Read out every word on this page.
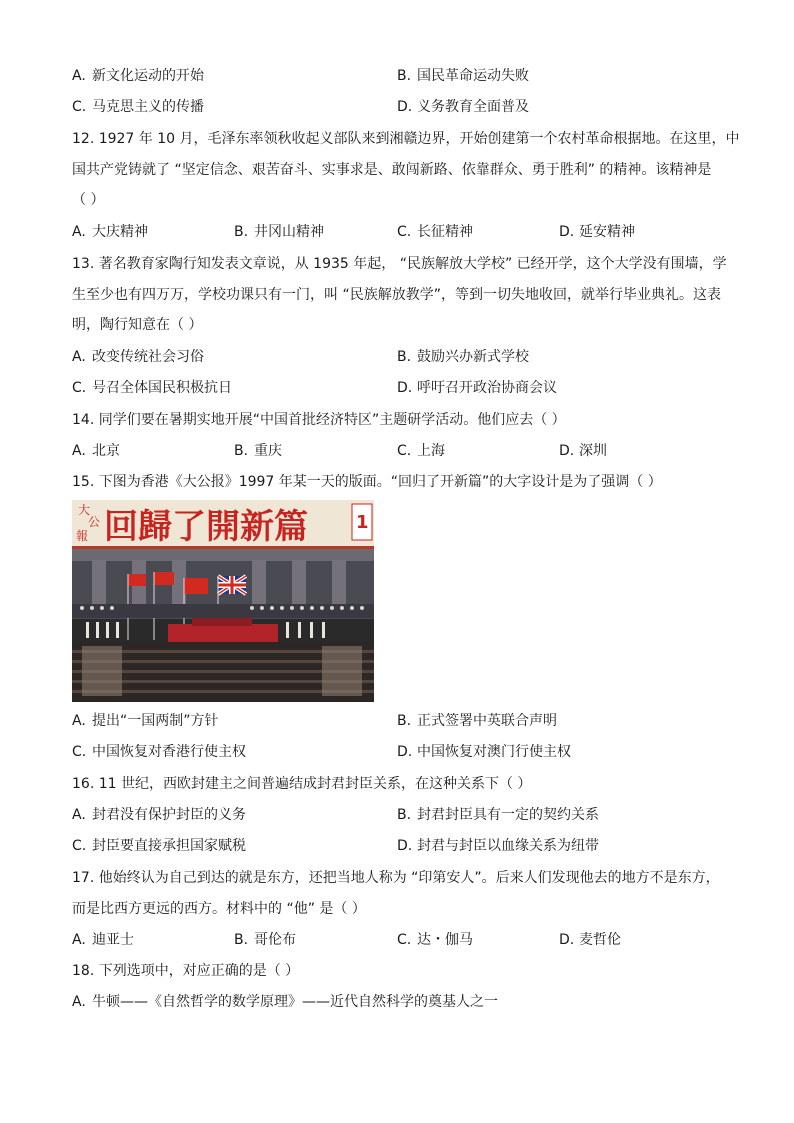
A. 新文化运动的开始	B. 国民革命运动失败
C. 马克思主义的传播	D. 义务教育全面普及
12. 1927 年 10 月，毛泽东率领秋收起义部队来到湘赣边界，开始创建第一个农村革命根据地。在这里，中
国共产党铸就了 “坚定信念、艰苦奋斗、实事求是、敢闯新路、依靠群众、勇于胜利” 的精神。该精神是
（ ）
A. 大庆精神	B. 井冈山精神	C. 长征精神	D. 延安精神
13. 著名教育家陶行知发表文章说，从 1935 年起， “民族解放大学校” 已经开学，这个大学没有围墙，学
生至少也有四万万，学校功课只有一门，叫 “民族解放教学”，等到一切失地收回，就举行毕业典礼。这表
明，陶行知意在（ ）
A. 改变传统社会习俗	B. 鼓励兴办新式学校
C. 号召全体国民积极抗日	D. 呼吁召开政治协商会议
14. 同学们要在暑期实地开展“中国首批经济特区”主题研学活动。他们应去（ ）
A. 北京	B. 重庆	C. 上海	D. 深圳
15. 下图为香港《大公报》1997 年某一天的版面。“回归了开新篇”的大字设计是为了强调（ ）
大
公
報 回歸了開新篇	1
A. 提出“一国两制”方针	B. 正式签署中英联合声明
C. 中国恢复对香港行使主权	D. 中国恢复对澳门行使主权
16. 11 世纪，西欧封建主之间普遍结成封君封臣关系，在这种关系下（ ）
A. 封君没有保护封臣的义务	B. 封君封臣具有一定的契约关系
C. 封臣要直接承担国家赋税	D. 封君与封臣以血缘关系为纽带
17. 他始终认为自己到达的就是东方，还把当地人称为 “印第安人”。后来人们发现他去的地方不是东方，
而是比西方更远的西方。材料中的 “他” 是（ ）
A. 迪亚士	B. 哥伦布	C. 达・伽马	D. 麦哲伦
18. 下列选项中，对应正确的是（ ）
A. 牛顿——《自然哲学的数学原理》——近代自然科学的奠基人之一
